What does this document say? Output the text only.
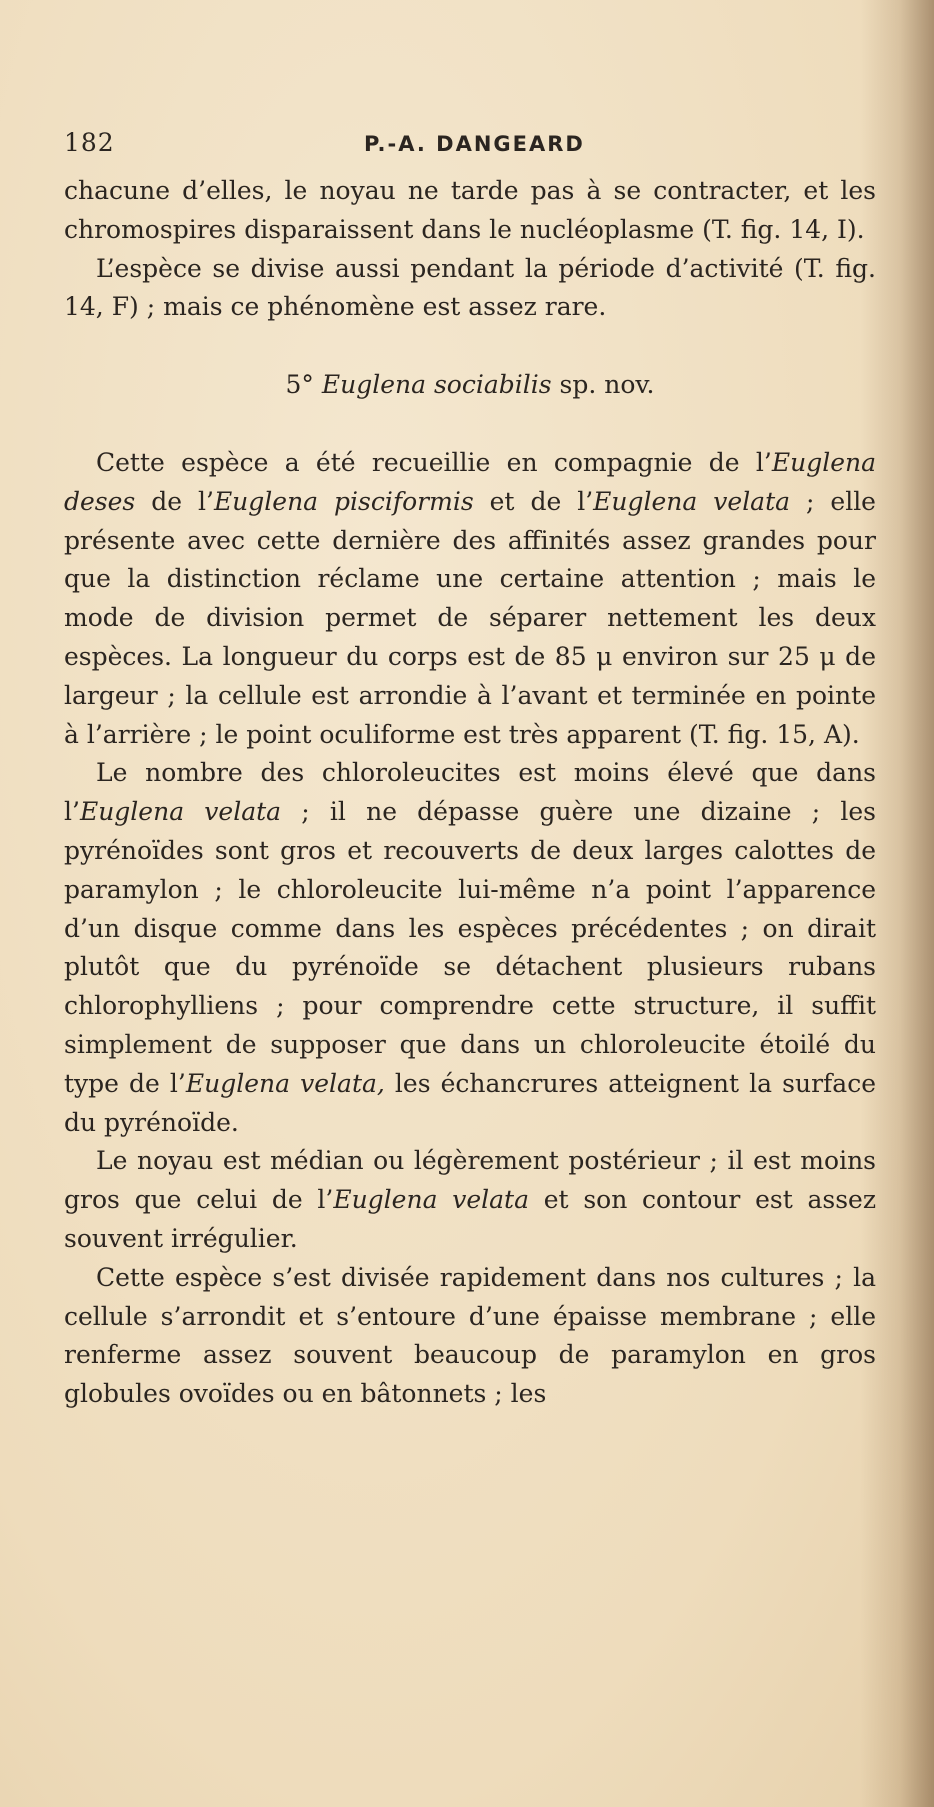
182	P.-A. DANGEARD

chacune d’elles, le noyau ne tarde pas à se contracter, et les chromospires disparaissent dans le nucléoplasme (T. fig. 14, I).

L’espèce se divise aussi pendant la période d’activité (T. fig. 14, F) ; mais ce phénomène est assez rare.

5° Euglena sociabilis sp. nov.

Cette espèce a été recueillie en compagnie de l’Euglena deses de l’Euglena pisciformis et de l’Euglena velata ; elle présente avec cette dernière des affinités assez grandes pour que la distinction réclame une certaine attention ; mais le mode de division permet de séparer nettement les deux espèces. La longueur du corps est de 85 μ environ sur 25 μ de largeur ; la cellule est arrondie à l’avant et terminée en pointe à l’arrière ; le point oculiforme est très apparent (T. fig. 15, A).

Le nombre des chloroleucites est moins élevé que dans l’Euglena velata ; il ne dépasse guère une dizaine ; les pyrénoïdes sont gros et recouverts de deux larges calottes de paramylon ; le chloroleucite lui-même n’a point l’apparence d’un disque comme dans les espèces précédentes ; on dirait plutôt que du pyrénoïde se détachent plusieurs rubans chlorophylliens ; pour comprendre cette structure, il suffit simplement de supposer que dans un chloroleucite étoilé du type de l’Euglena velata, les échancrures atteignent la surface du pyrénoïde.

Le noyau est médian ou légèrement postérieur ; il est moins gros que celui de l’Euglena velata et son contour est assez souvent irrégulier.

Cette espèce s’est divisée rapidement dans nos cultures ; la cellule s’arrondit et s’entoure d’une épaisse membrane ; elle renferme assez souvent beaucoup de paramylon en gros globules ovoïdes ou en bâtonnets ; les
